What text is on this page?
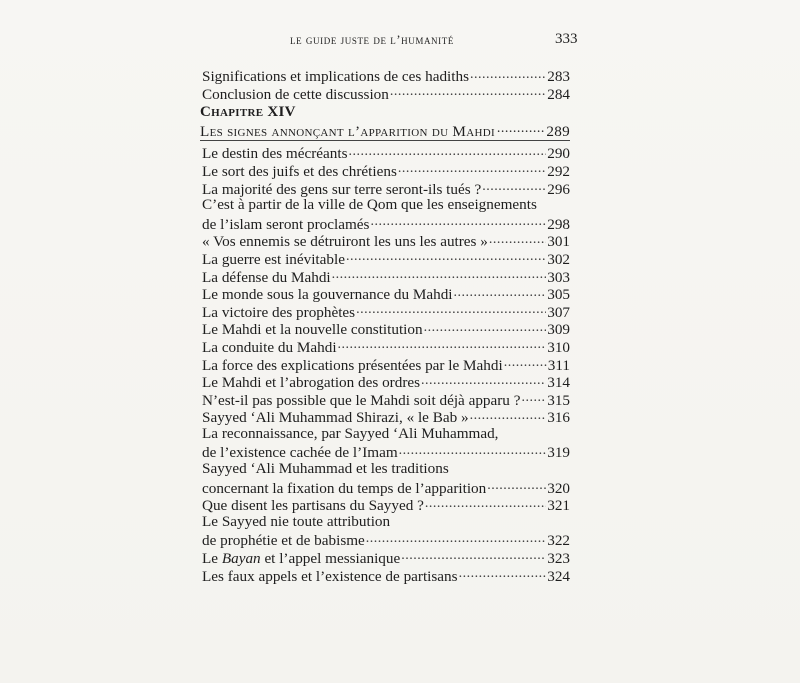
le guide juste de l’humanité	333
Significations et implications de ces hadiths .....	283
Conclusion de cette discussion .....	284
Chapitre XIV
Les signes annonçant l’apparition du Mahdi .....	289
Le destin des mécréants .....	290
Le sort des juifs et des chrétiens .....	292
La majorité des gens sur terre seront-ils tués ? .....	296
C’est à partir de la ville de Qom que les enseignements
de l’islam seront proclamés .....	298
« Vos ennemis se détruiront les uns les autres » .....	301
La guerre est inévitable .....	302
La défense du Mahdi .....	303
Le monde sous la gouvernance du Mahdi .....	305
La victoire des prophètes .....	307
Le Mahdi et la nouvelle constitution .....	309
La conduite du Mahdi .....	310
La force des explications présentées par le Mahdi .....	311
Le Mahdi et l’abrogation des ordres .....	314
N’est-il pas possible que le Mahdi soit déjà apparu ? ..... 315
Sayyed ‘Ali Muhammad Shirazi, « le Bab » .....	316
La reconnaissance, par Sayyed ‘Ali Muhammad,
de l’existence cachée de l’Imam .....	319
Sayyed ‘Ali Muhammad et les traditions
concernant la fixation du temps de l’apparition .....	320
Que disent les partisans du Sayyed ? .....	321
Le Sayyed nie toute attribution
de prophétie et de babisme .....	322
Le Bayan et l’appel messianique .....	323
Les faux appels et l’existence de partisans .....	324
